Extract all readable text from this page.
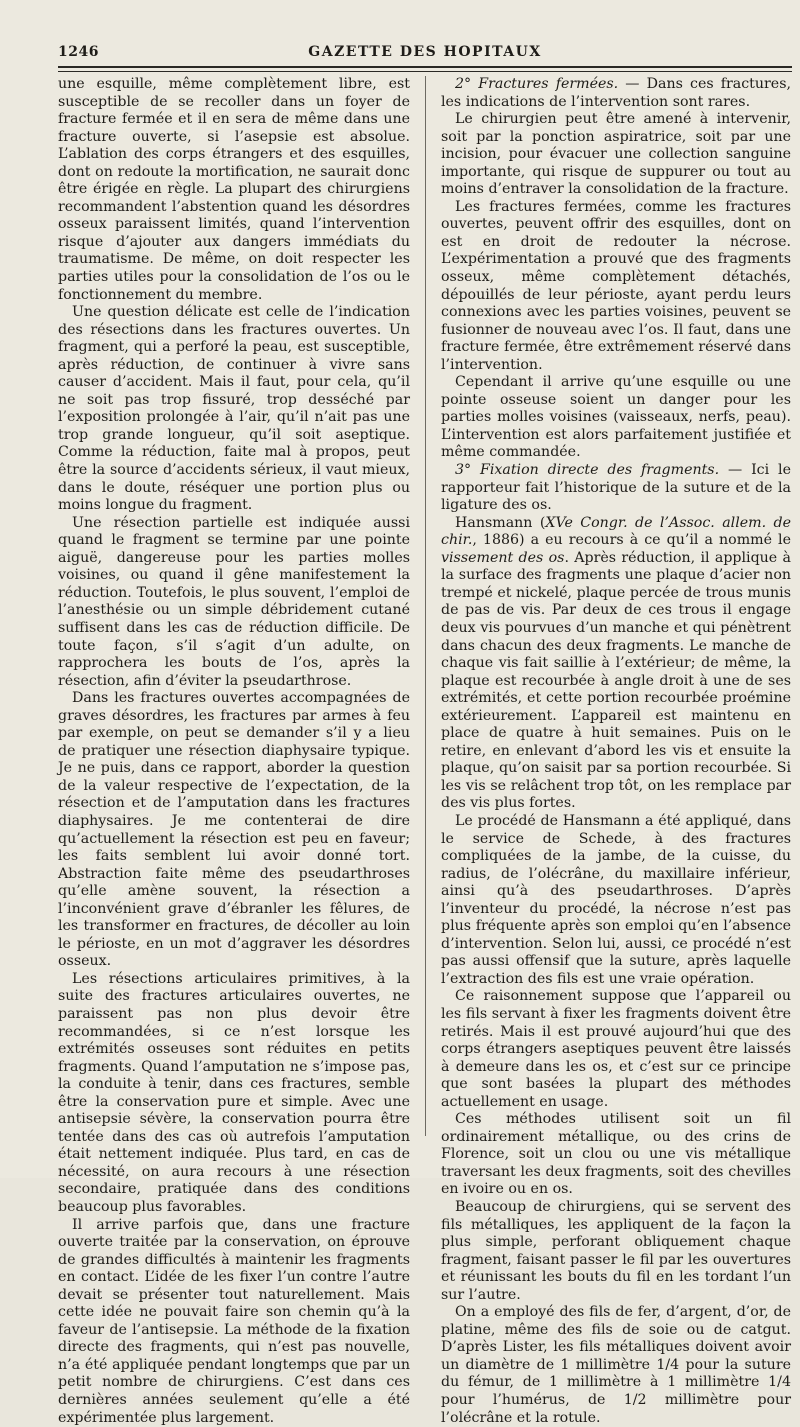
1246	GAZETTE DES HOPITAUX

une esquille, même complètement libre, est susceptible de se recoller dans un foyer de fracture fermée et il en sera de même dans une fracture ouverte, si l’asepsie est absolue. L’ablation des corps étrangers et des esquilles, dont on redoute la mortification, ne saurait donc être érigée en règle. La plupart des chirurgiens recommandent l’abstention quand les désordres osseux paraissent limités, quand l’intervention risque d’ajouter aux dangers immédiats du traumatisme. De même, on doit respecter les parties utiles pour la consolidation de l’os ou le fonctionnement du membre.

Une question délicate est celle de l’indication des résections dans les fractures ouvertes. Un fragment, qui a perforé la peau, est susceptible, après réduction, de continuer à vivre sans causer d’accident. Mais il faut, pour cela, qu’il ne soit pas trop fissuré, trop desséché par l’exposition prolongée à l’air, qu’il n’ait pas une trop grande longueur, qu’il soit aseptique. Comme la réduction, faite mal à propos, peut être la source d’accidents sérieux, il vaut mieux, dans le doute, réséquer une portion plus ou moins longue du fragment.

Une résection partielle est indiquée aussi quand le fragment se termine par une pointe aiguë, dangereuse pour les parties molles voisines, ou quand il gêne manifestement la réduction. Toutefois, le plus souvent, l’emploi de l’anesthésie ou un simple débridement cutané suffisent dans les cas de réduction difficile. De toute façon, s’il s’agit d’un adulte, on rapprochera les bouts de l’os, après la résection, afin d’éviter la pseudarthrose.

Dans les fractures ouvertes accompagnées de graves désordres, les fractures par armes à feu par exemple, on peut se demander s’il y a lieu de pratiquer une résection diaphysaire typique. Je ne puis, dans ce rapport, aborder la question de la valeur respective de l’expectation, de la résection et de l’amputation dans les fractures diaphysaires. Je me contenterai de dire qu’actuellement la résection est peu en faveur; les faits semblent lui avoir donné tort. Abstraction faite même des pseudarthroses qu’elle amène souvent, la résection a l’inconvénient grave d’ébranler les fêlures, de les transformer en fractures, de décoller au loin le périoste, en un mot d’aggraver les désordres osseux.

Les résections articulaires primitives, à la suite des fractures articulaires ouvertes, ne paraissent pas non plus devoir être recommandées, si ce n’est lorsque les extrémités osseuses sont réduites en petits fragments. Quand l’amputation ne s’impose pas, la conduite à tenir, dans ces fractures, semble être la conservation pure et simple. Avec une antisepsie sévère, la conservation pourra être tentée dans des cas où autrefois l’amputation était nettement indiquée. Plus tard, en cas de nécessité, on aura recours à une résection secondaire, pratiquée dans des conditions beaucoup plus favorables.

Il arrive parfois que, dans une fracture ouverte traitée par la conservation, on éprouve de grandes difficultés à maintenir les fragments en contact. L’idée de les fixer l’un contre l’autre devait se présenter tout naturellement. Mais cette idée ne pouvait faire son chemin qu’à la faveur de l’antisepsie. La méthode de la fixation directe des fragments, qui n’est pas nouvelle, n’a été appliquée pendant longtemps que par un petit nombre de chirurgiens. C’est dans ces dernières années seulement qu’elle a été expérimentée plus largement.

2° Fractures fermées. — Dans ces fractures, les indications de l’intervention sont rares.

Le chirurgien peut être amené à intervenir, soit par la ponction aspiratrice, soit par une incision, pour évacuer une collection sanguine importante, qui risque de suppurer ou tout au moins d’entraver la consolidation de la fracture.

Les fractures fermées, comme les fractures ouvertes, peuvent offrir des esquilles, dont on est en droit de redouter la nécrose. L’expérimentation a prouvé que des fragments osseux, même complètement détachés, dépouillés de leur périoste, ayant perdu leurs connexions avec les parties voisines, peuvent se fusionner de nouveau avec l’os. Il faut, dans une fracture fermée, être extrêmement réservé dans l’intervention.

Cependant il arrive qu’une esquille ou une pointe osseuse soient un danger pour les parties molles voisines (vaisseaux, nerfs, peau). L’intervention est alors parfaitement justifiée et même commandée.

3° Fixation directe des fragments. — Ici le rapporteur fait l’historique de la suture et de la ligature des os.

Hansmann (XVe Congr. de l’Assoc. allem. de chir., 1886) a eu recours à ce qu’il a nommé le vissement des os. Après réduction, il applique à la surface des fragments une plaque d’acier non trempé et nickelé, plaque percée de trous munis de pas de vis. Par deux de ces trous il engage deux vis pourvues d’un manche et qui pénètrent dans chacun des deux fragments. Le manche de chaque vis fait saillie à l’extérieur; de même, la plaque est recourbée à angle droit à une de ses extrémités, et cette portion recourbée proémine extérieurement. L’appareil est maintenu en place de quatre à huit semaines. Puis on le retire, en enlevant d’abord les vis et ensuite la plaque, qu’on saisit par sa portion recourbée. Si les vis se relâchent trop tôt, on les remplace par des vis plus fortes.

Le procédé de Hansmann a été appliqué, dans le service de Schede, à des fractures compliquées de la jambe, de la cuisse, du radius, de l’olécrâne, du maxillaire inférieur, ainsi qu’à des pseudarthroses. D’après l’inventeur du procédé, la nécrose n’est pas plus fréquente après son emploi qu’en l’absence d’intervention. Selon lui, aussi, ce procédé n’est pas aussi offensif que la suture, après laquelle l’extraction des fils est une vraie opération.

Ce raisonnement suppose que l’appareil ou les fils servant à fixer les fragments doivent être retirés. Mais il est prouvé aujourd’hui que des corps étrangers aseptiques peuvent être laissés à demeure dans les os, et c’est sur ce principe que sont basées la plupart des méthodes actuellement en usage.

Ces méthodes utilisent soit un fil ordinairement métallique, ou des crins de Florence, soit un clou ou une vis métallique traversant les deux fragments, soit des chevilles en ivoire ou en os.

Beaucoup de chirurgiens, qui se servent des fils métalliques, les appliquent de la façon la plus simple, perforant obliquement chaque fragment, faisant passer le fil par les ouvertures et réunissant les bouts du fil en les tordant l’un sur l’autre.

On a employé des fils de fer, d’argent, d’or, de platine, même des fils de soie ou de catgut. D’après Lister, les fils métalliques doivent avoir un diamètre de 1 millimètre 1/4 pour la suture du fémur, de 1 millimètre à 1 millimètre 1/4 pour l’humérus, de 1/2 millimètre pour l’olécrâne et la rotule.
